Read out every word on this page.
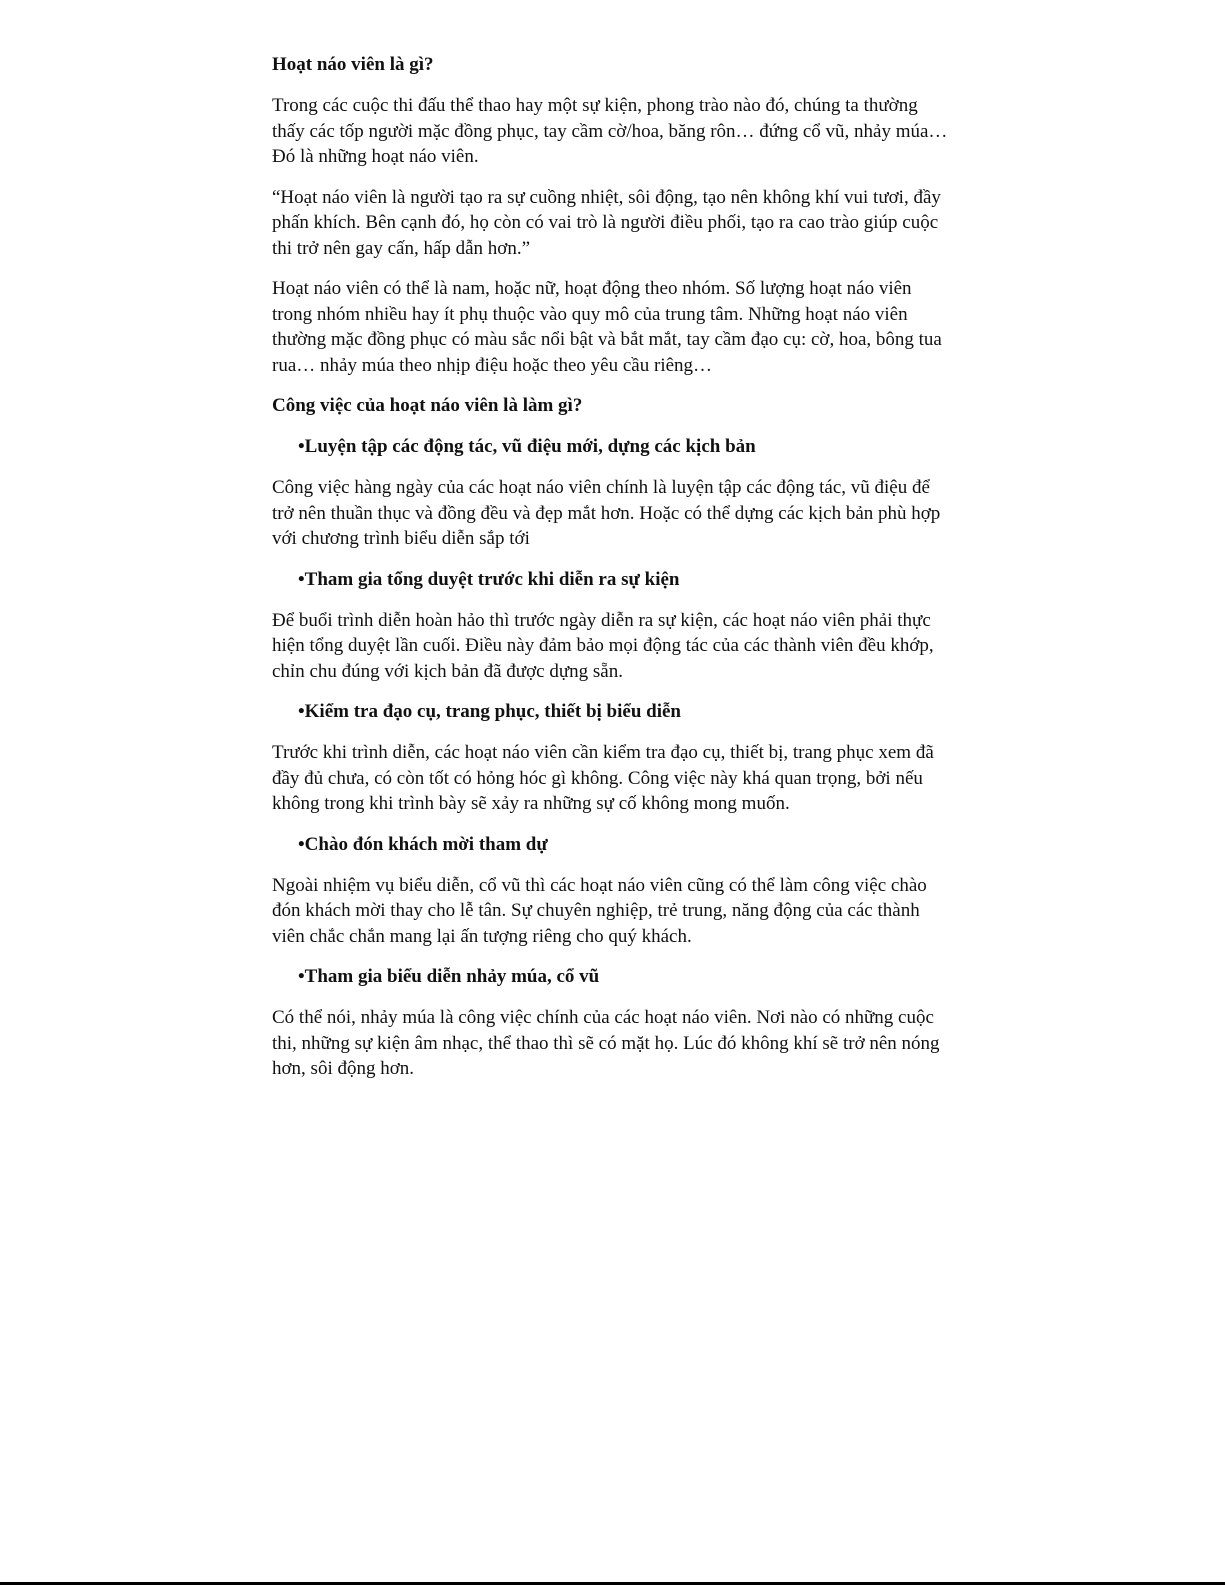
Hoạt náo viên là gì?
Trong các cuộc thi đấu thể thao hay một sự kiện, phong trào nào đó, chúng ta thường thấy các tốp người mặc đồng phục, tay cầm cờ/hoa, băng rôn… đứng cổ vũ, nhảy múa… Đó là những hoạt náo viên.
“Hoạt náo viên là người tạo ra sự cuồng nhiệt, sôi động, tạo nên không khí vui tươi, đầy phấn khích. Bên cạnh đó, họ còn có vai trò là người điều phối, tạo ra cao trào giúp cuộc thi trở nên gay cấn, hấp dẫn hơn.”
Hoạt náo viên có thể là nam, hoặc nữ, hoạt động theo nhóm. Số lượng hoạt náo viên trong nhóm nhiều hay ít phụ thuộc vào quy mô của trung tâm. Những hoạt náo viên thường mặc đồng phục có màu sắc nổi bật và bắt mắt, tay cầm đạo cụ: cờ, hoa, bông tua rua… nhảy múa theo nhịp điệu hoặc theo yêu cầu riêng…
Công việc của hoạt náo viên là làm gì?
•Luyện tập các động tác, vũ điệu mới, dựng các kịch bản
Công việc hàng ngày của các hoạt náo viên chính là luyện tập các động tác, vũ điệu để trở nên thuần thục và đồng đều và đẹp mắt hơn. Hoặc có thể dựng các kịch bản phù hợp với chương trình biểu diễn sắp tới
•Tham gia tổng duyệt trước khi diễn ra sự kiện
Để buổi trình diễn hoàn hảo thì trước ngày diễn ra sự kiện, các hoạt náo viên phải thực hiện tổng duyệt lần cuối. Điều này đảm bảo mọi động tác của các thành viên đều khớp, chỉn chu đúng với kịch bản đã được dựng sẵn.
•Kiểm tra đạo cụ, trang phục, thiết bị biểu diễn
Trước khi trình diễn, các hoạt náo viên cần kiểm tra đạo cụ, thiết bị, trang phục xem đã đầy đủ chưa, có còn tốt có hỏng hóc gì không. Công việc này khá quan trọng, bởi nếu không trong khi trình bày sẽ xảy ra những sự cố không mong muốn.
•Chào đón khách mời tham dự
Ngoài nhiệm vụ biểu diễn, cổ vũ thì các hoạt náo viên cũng có thể làm công việc chào đón khách mời thay cho lễ tân. Sự chuyên nghiệp, trẻ trung, năng động của các thành viên chắc chắn mang lại ấn tượng riêng cho quý khách.
•Tham gia biểu diễn nhảy múa, cổ vũ
Có thể nói, nhảy múa là công việc chính của các hoạt náo viên. Nơi nào có những cuộc thi, những sự kiện âm nhạc, thể thao thì sẽ có mặt họ. Lúc đó không khí sẽ trở nên nóng hơn, sôi động hơn.
